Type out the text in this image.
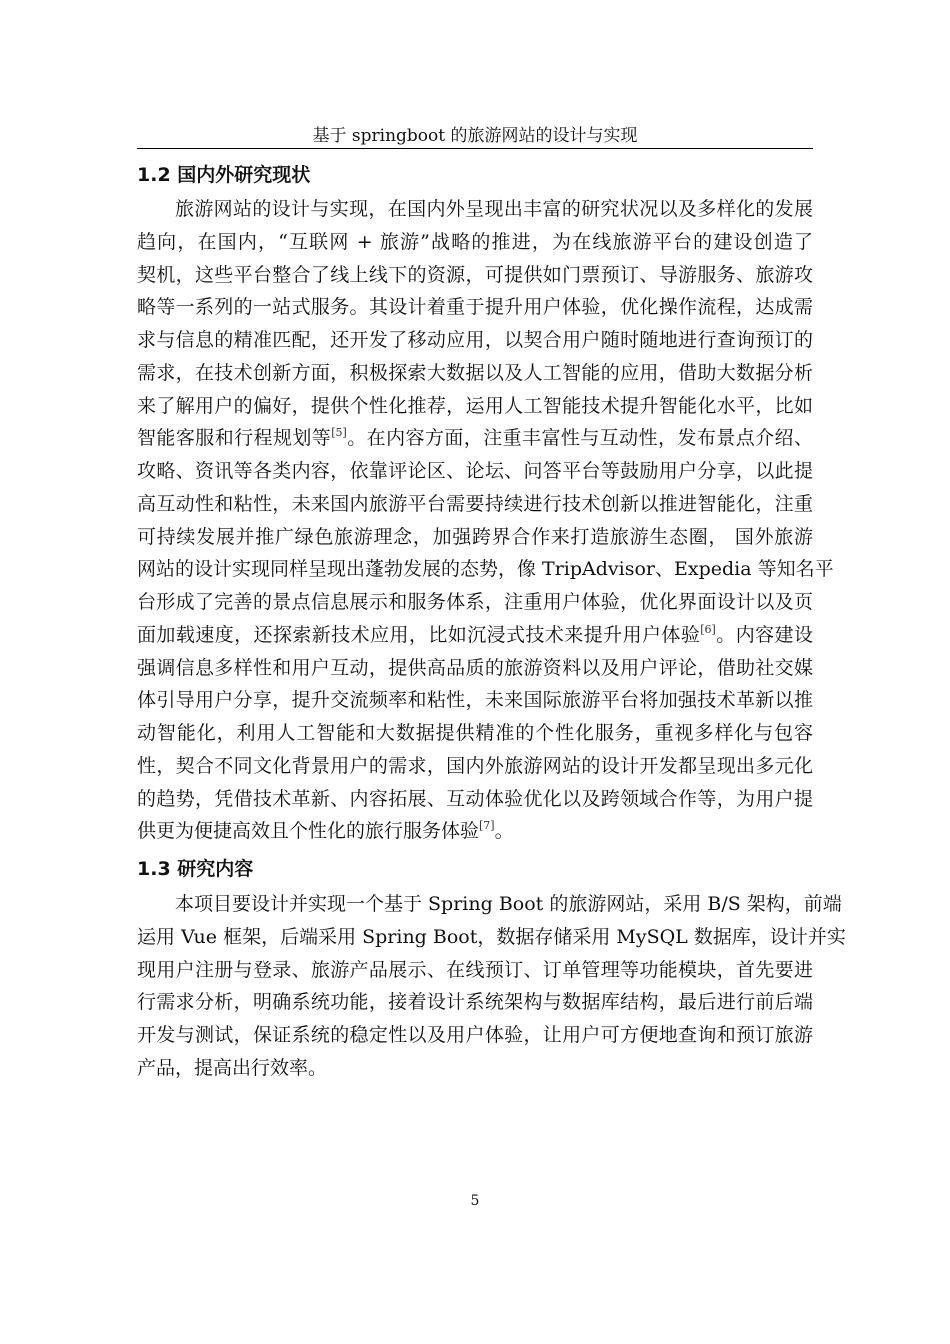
基于 springboot 的旅游网站的设计与实现
1.2 国内外研究现状
旅游网站的设计与实现，在国内外呈现出丰富的研究状况以及多样化的发展
趋向，在国内，“互联网 + 旅游”战略的推进，为在线旅游平台的建设创造了
契机，这些平台整合了线上线下的资源，可提供如门票预订、导游服务、旅游攻
略等一系列的一站式服务。其设计着重于提升用户体验，优化操作流程，达成需
求与信息的精准匹配，还开发了移动应用，以契合用户随时随地进行查询预订的
需求，在技术创新方面，积极探索大数据以及人工智能的应用，借助大数据分析
来了解用户的偏好，提供个性化推荐，运用人工智能技术提升智能化水平，比如
智能客服和行程规划等[5]。在内容方面，注重丰富性与互动性，发布景点介绍、
攻略、资讯等各类内容，依靠评论区、论坛、问答平台等鼓励用户分享，以此提
高互动性和粘性，未来国内旅游平台需要持续进行技术创新以推进智能化，注重
可持续发展并推广绿色旅游理念，加强跨界合作来打造旅游生态圈， 国外旅游
网站的设计实现同样呈现出蓬勃发展的态势，像 TripAdvisor、Expedia 等知名平
台形成了完善的景点信息展示和服务体系，注重用户体验，优化界面设计以及页
面加载速度，还探索新技术应用，比如沉浸式技术来提升用户体验[6]。内容建设
强调信息多样性和用户互动，提供高品质的旅游资料以及用户评论，借助社交媒
体引导用户分享，提升交流频率和粘性，未来国际旅游平台将加强技术革新以推
动智能化，利用人工智能和大数据提供精准的个性化服务，重视多样化与包容
性，契合不同文化背景用户的需求，国内外旅游网站的设计开发都呈现出多元化
的趋势，凭借技术革新、内容拓展、互动体验优化以及跨领域合作等，为用户提
供更为便捷高效且个性化的旅行服务体验[7]。
1.3 研究内容
本项目要设计并实现一个基于 Spring Boot 的旅游网站，采用 B/S 架构，前端
运用 Vue 框架，后端采用 Spring Boot，数据存储采用 MySQL 数据库，设计并实
现用户注册与登录、旅游产品展示、在线预订、订单管理等功能模块，首先要进
行需求分析，明确系统功能，接着设计系统架构与数据库结构，最后进行前后端
开发与测试，保证系统的稳定性以及用户体验，让用户可方便地查询和预订旅游
产品，提高出行效率。
5
